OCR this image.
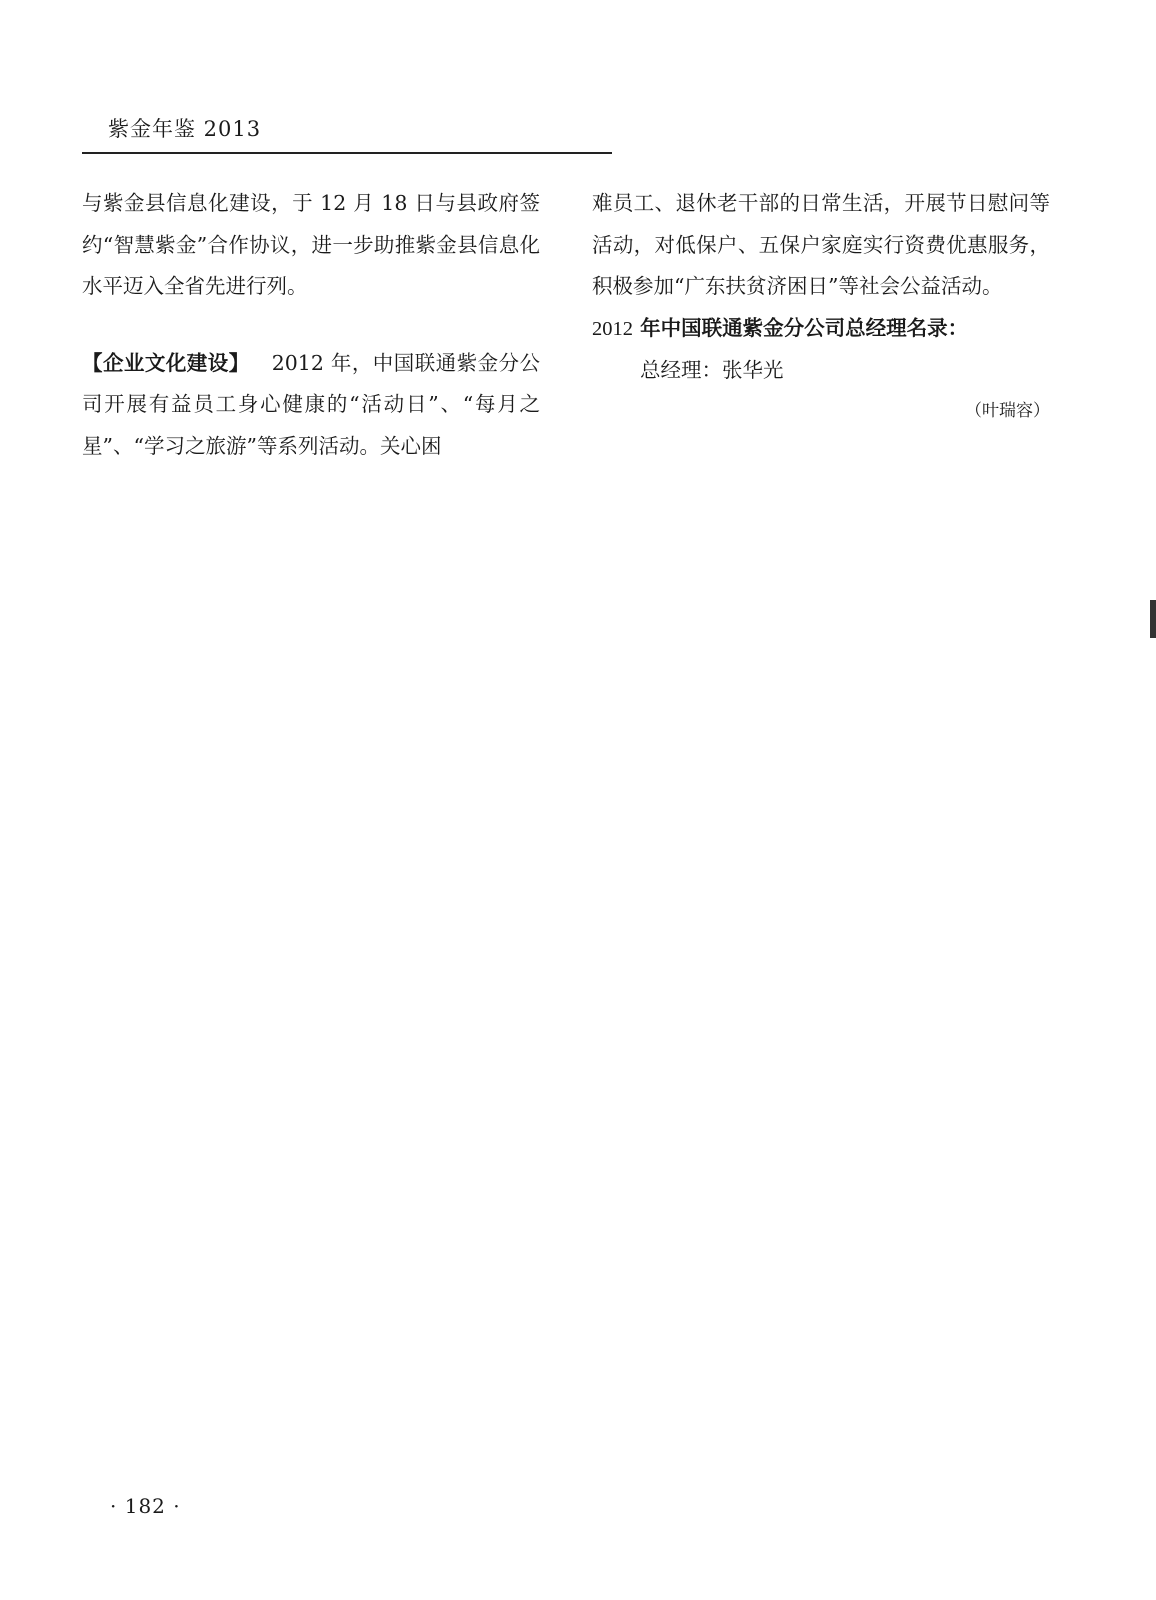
紫金年鉴 2013

与紫金县信息化建设，于 12 月 18 日与县政府签约“智慧紫金”合作协议，进一步助推紫金县信息化水平迈入全省先进行列。

【企业文化建设】 2012 年，中国联通紫金分公司开展有益员工身心健康的“活动日”、“每月之星”、“学习之旅游”等系列活动。关心困

难员工、退休老干部的日常生活，开展节日慰问等活动，对低保户、五保户家庭实行资费优惠服务，积极参加“广东扶贫济困日”等社会公益活动。

2012 年中国联通紫金分公司总经理名录：

总经理：张华光

（叶瑞容）

· 182 ·
